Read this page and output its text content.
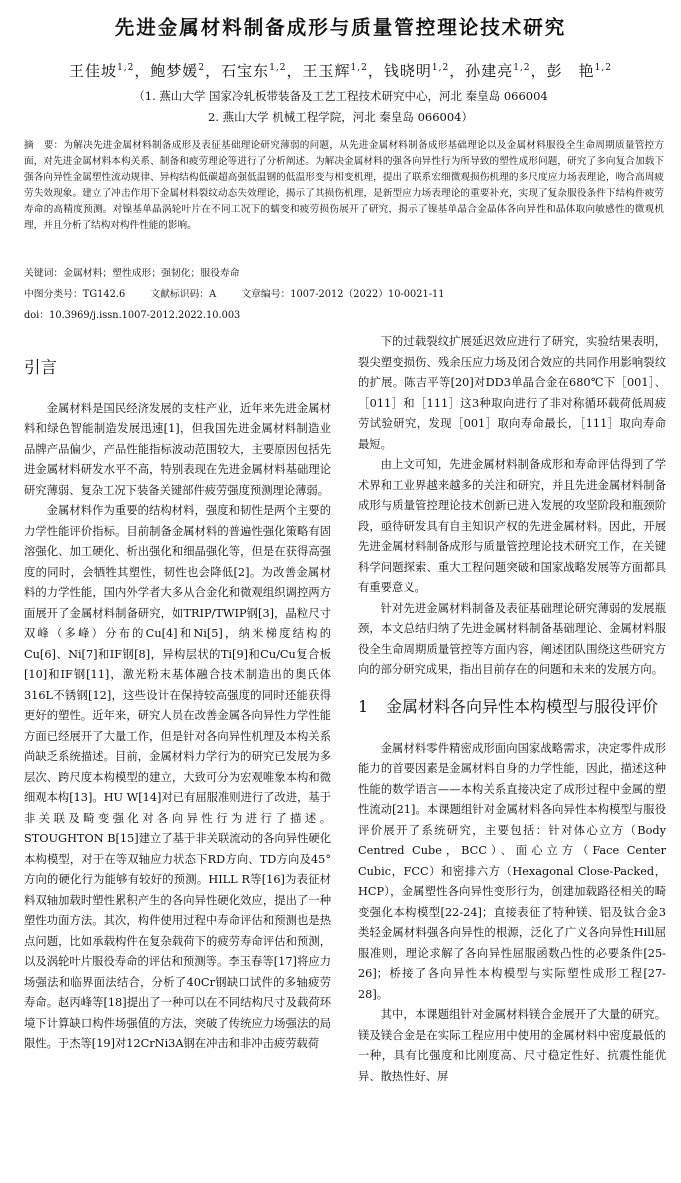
先进金属材料制备成形与质量管控理论技术研究
王佳坡$^{1,2}$，鲍梦媛$^2$，石宝东$^{1,2}$，王玉辉$^{1,2}$，钱晓明$^{1,2}$，孙建亮$^{1,2}$，彭　艳$^{1,2}$
（1. 燕山大学 国家冷轧板带装备及工艺工程技术研究中心，河北 秦皇岛 066004
2. 燕山大学 机械工程学院，河北 秦皇岛 066004）
摘　要：为解决先进金属材料制备成形及表征基础理论研究薄弱的问题，从先进金属材料制备成形基础理论以及金属材料服役全生命周期质量管控方面，对先进金属材料本构关系、制备和疲劳理论等进行了分析阐述。为解决金属材料的强各向异性行为所导致的塑性成形问题，研究了多向复合加载下强各向异性金属塑性流动规律、异构结构低碳超高强低温钢的低温形变与相变机理，提出了联系宏细微观损伤机理的多尺度应力场表理论，吻合高周疲劳失效现象。建立了冲击作用下金属材料裂纹动态失效理论，揭示了其损伤机理，是新型应力场表理论的重要补充，实现了复杂服役条件下结构件疲劳寿命的高精度预测。对镍基单晶涡轮叶片在不同工况下的蠕变和疲劳损伤展开了研究，揭示了镍基单晶合金晶体各向异性和晶体取向敏感性的微观机理，并且分析了结构对构件性能的影响。
关键词：金属材料；塑性成形；强韧化；服役寿命
中图分类号：TG142.6	文献标识码：A	文章编号：1007-2012（2022）10-0021-11
doi：10.3969/j.issn.1007-2012.2022.10.003

引言

金属材料是国民经济发展的支柱产业，近年来先进金属材料和绿色智能制造发展迅速[1]，但我国先进金属材料制造业品牌产品偏少，产品性能指标波动范围较大，主要原因包括先进金属材料研发水平不高，特别表现在先进金属材料基础理论研究薄弱、复杂工况下装备关键部件疲劳强度预测理论薄弱。

金属材料作为重要的结构材料，强度和韧性是两个主要的力学性能评价指标。目前制备金属材料的普遍性强化策略有固溶强化、加工硬化、析出强化和细晶强化等，但是在获得高强度的同时，会牺牲其塑性，韧性也会降低[2]。为改善金属材料的力学性能，国内外学者大多从合金化和微观组织调控两方面展开了金属材料制备研究，如TRIP/TWIP钢[3]，晶粒尺寸双峰（多峰）分布的Cu[4]和Ni[5]，纳米梯度结构的Cu[6]、Ni[7]和IF钢[8]，异构层状的Ti[9]和Cu/Cu复合板[10]和IF钢[11]，激光粉末基体融合技术制造出的奥氏体316L不锈钢[12]，这些设计在保持较高强度的同时还能获得更好的塑性。近年来，研究人员在改善金属各向异性力学性能方面已经展开了大量工作，但是针对各向异性机理及本构关系尚缺乏系统描述。目前，金属材料力学行为的研究已发展为多层次、跨尺度本构模型的建立，大致可分为宏观唯象本构和微细观本构[13]。HU W[14]对已有屈服准则进行了改进，基于非关联及畸变强化对各向异性行为进行了描述。STOUGHTON B[15]建立了基于非关联流动的各向异性硬化本构模型，对于在等双轴应力状态下RD方向、TD方向及45°方向的硬化行为能够有较好的预测。HILL R等[16]为表征材料双轴加载时塑性累积产生的各向异性硬化效应，提出了一种塑性功面方法。其次，构件使用过程中寿命评估和预测也是热点问题，比如承载构件在复杂载荷下的疲劳寿命评估和预测，以及涡轮叶片服役寿命的评估和预测等。李玉春等[17]将应力场强法和临界面法结合，分析了40Cr钢缺口试件的多轴疲劳寿命。赵丙峰等[18]提出了一种可以在不同结构尺寸及载荷环境下计算缺口构件场强值的方法，突破了传统应力场强法的局限性。于杰等[19]对12CrNi3A钢在冲击和非冲击疲劳载荷

下的过载裂纹扩展延迟效应进行了研究，实验结果表明，裂尖塑变损伤、残余压应力场及闭合效应的共同作用影响裂纹的扩展。陈吉平等[20]对DD3单晶合金在680℃下［001］、［011］和［111］这3种取向进行了非对称循环载荷低周疲劳试验研究，发现［001］取向寿命最长，［111］取向寿命最短。

由上文可知，先进金属材料制备成形和寿命评估得到了学术界和工业界越来越多的关注和研究，并且先进金属材料制备成形与质量管控理论技术创新已进入发展的攻坚阶段和瓶颈阶段，亟待研发具有自主知识产权的先进金属材料。因此，开展先进金属材料制备成形与质量管控理论技术研究工作，在关键科学问题探索、重大工程问题突破和国家战略发展等方面都具有重要意义。

针对先进金属材料制备及表征基础理论研究薄弱的发展瓶颈，本文总结归纳了先进金属材料制备基础理论、金属材料服役全生命周期质量管控等方面内容，阐述团队围绕这些研究方向的部分研究成果，指出目前存在的问题和未来的发展方向。

1	金属材料各向异性本构模型与服役评价

金属材料零件精密成形面向国家战略需求，决定零件成形能力的首要因素是金属材料自身的力学性能，因此，描述这种性能的数学语言——本构关系直接决定了成形过程中金属的塑性流动[21]。本课题组针对金属材料各向异性本构模型与服役评价展开了系统研究，主要包括：针对体心立方（Body Centred Cube，BCC）、面心立方（Face Center Cubic，FCC）和密排六方（Hexagonal Close-Packed，HCP），金属塑性各向异性变形行为，创建加载路径相关的畸变强化本构模型[22-24]；直接表征了特种镁、铝及钛合金3类轻金属材料强各向异性的根源，泛化了广义各向异性Hill屈服准则，理论求解了各向异性屈服函数凸性的必要条件[25-26]；桥接了各向异性本构模型与实际塑性成形工程[27-28]。

其中，本课题组针对金属材料镁合金展开了大量的研究。镁及镁合金是在实际工程应用中使用的金属材料中密度最低的一种，具有比强度和比刚度高、尺寸稳定性好、抗震性能优异、散热性好、屏
